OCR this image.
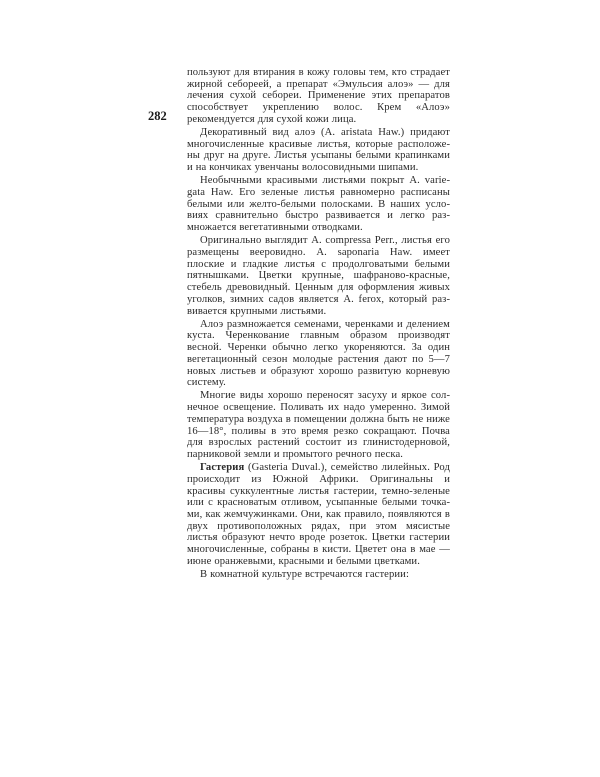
282

пользуют для втирания в кожу головы тем, кто страдает жирной себореей, а препарат «Эмульсия алоэ» — для лечения сухой себореи. Применение этих препаратов способствует укреплению волос. Крем «Алоэ» рекомендуется для сухой кожи лица.

Декоративный вид алоэ (A. aristata Haw.) придают многочисленные красивые листья, которые расположены друг на друге. Листья усыпаны белыми крапинками и на кончиках увенчаны волосовидными шипами.

Необычными красивыми листьями покрыт A. variegata Haw. Его зеленые листья равномерно расписаны белыми или желто-белыми полосками. В наших условиях сравнительно быстро развивается и легко размножается вегетативными отводками.

Оригинально выглядит A. compressa Perr., листья его размещены вееровидно. A. saponaria Haw. имеет плоские и гладкие листья с продолговатыми белыми пятнышками. Цветки крупные, шафраново-красные, стебель древовидный. Ценным для оформления живых уголков, зимних садов является A. ferox, который развивается крупными листьями.

Алоэ размножается семенами, черенками и делением куста. Черенкование главным образом производят весной. Черенки обычно легко укореняются. За один вегетационный сезон молодые растения дают по 5—7 новых листьев и образуют хорошо развитую корневую систему.

Многие виды хорошо переносят засуху и яркое солнечное освещение. Поливать их надо умеренно. Зимой температура воздуха в помещении должна быть не ниже 16—18°, поливы в это время резко сокращают. Почва для взрослых растений состоит из глинистодерновой, парниковой земли и промытого речного песка.

Гастерия (Gasteria Duval.), семейство лилейных. Род происходит из Южной Африки. Оригинальны и красивы суккулентные листья гастерии, темно-зеленые или с красноватым отливом, усыпанные белыми точками, как жемчужинками. Они, как правило, появляются в двух противоположных рядах, при этом мясистые листья образуют нечто вроде розеток. Цветки гастерии многочисленные, собраны в кисти. Цветет она в мае — июне оранжевыми, красными и белыми цветками.

В комнатной культуре встречаются гастерии:
